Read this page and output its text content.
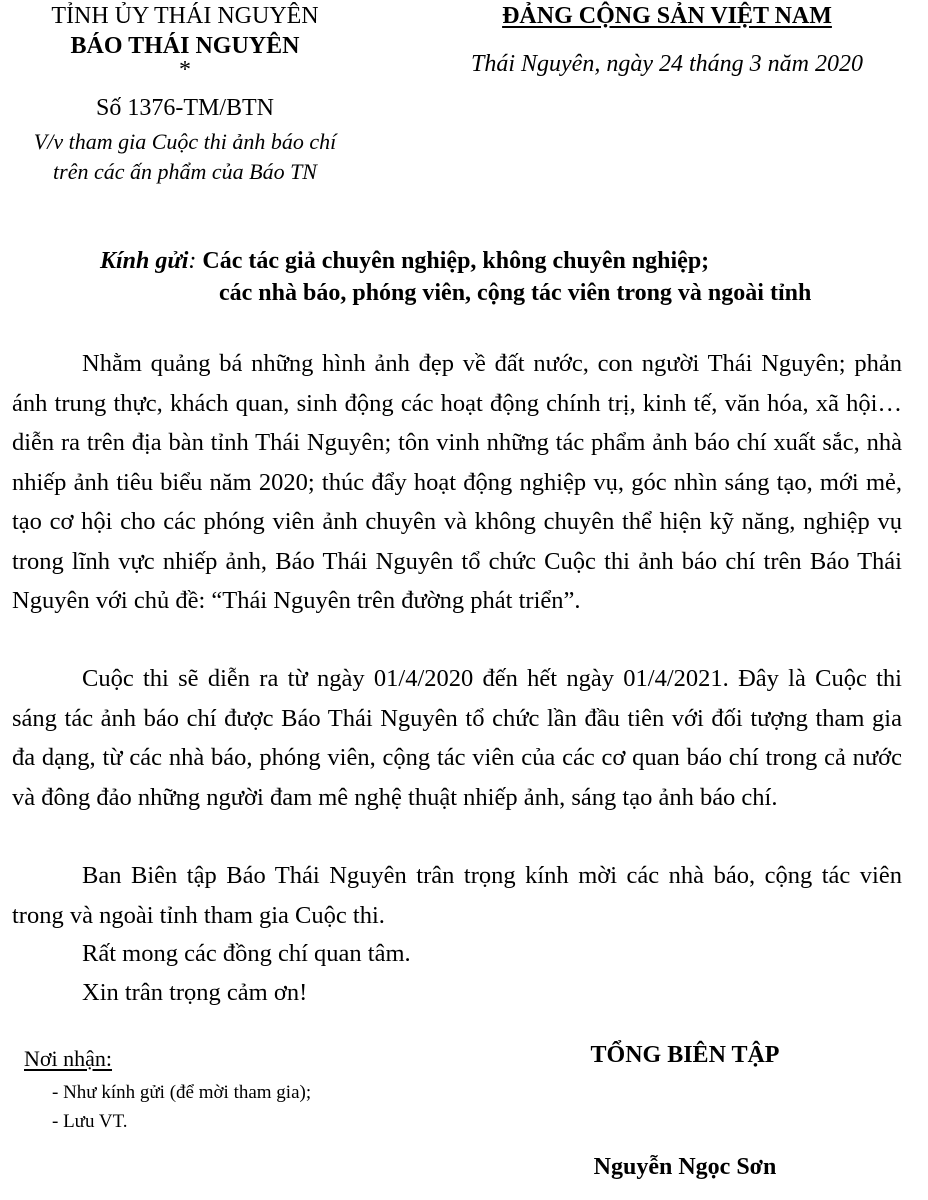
TỈNH ỦY THÁI NGUYÊN
BÁO THÁI NGUYÊN
*
Số 1376-TM/BTN
V/v tham gia Cuộc thi ảnh báo chí
trên các ấn phẩm của Báo TN
ĐẢNG CỘNG SẢN VIỆT NAM
Thái Nguyên, ngày 24 tháng 3 năm 2020
Kính gửi: Các tác giả chuyên nghiệp, không chuyên nghiệp;
các nhà báo, phóng viên, cộng tác viên trong và ngoài tỉnh

Nhằm quảng bá những hình ảnh đẹp về đất nước, con người Thái Nguyên; phản ánh trung thực, khách quan, sinh động các hoạt động chính trị, kinh tế, văn hóa, xã hội… diễn ra trên địa bàn tỉnh Thái Nguyên; tôn vinh những tác phẩm ảnh báo chí xuất sắc, nhà nhiếp ảnh tiêu biểu năm 2020; thúc đẩy hoạt động nghiệp vụ, góc nhìn sáng tạo, mới mẻ, tạo cơ hội cho các phóng viên ảnh chuyên và không chuyên thể hiện kỹ năng, nghiệp vụ trong lĩnh vực nhiếp ảnh, Báo Thái Nguyên tổ chức Cuộc thi ảnh báo chí trên Báo Thái Nguyên với chủ đề: “Thái Nguyên trên đường phát triển”.

Cuộc thi sẽ diễn ra từ ngày 01/4/2020 đến hết ngày 01/4/2021. Đây là Cuộc thi sáng tác ảnh báo chí được Báo Thái Nguyên tổ chức lần đầu tiên với đối tượng tham gia đa dạng, từ các nhà báo, phóng viên, cộng tác viên của các cơ quan báo chí trong cả nước và đông đảo những người đam mê nghệ thuật nhiếp ảnh, sáng tạo ảnh báo chí.

Ban Biên tập Báo Thái Nguyên trân trọng kính mời các nhà báo, cộng tác viên trong và ngoài tỉnh tham gia Cuộc thi.

Rất mong các đồng chí quan tâm.

Xin trân trọng cảm ơn!

Nơi nhận:
- Như kính gửi (để mời tham gia);
- Lưu VT.
TỔNG BIÊN TẬP
Nguyễn Ngọc Sơn
